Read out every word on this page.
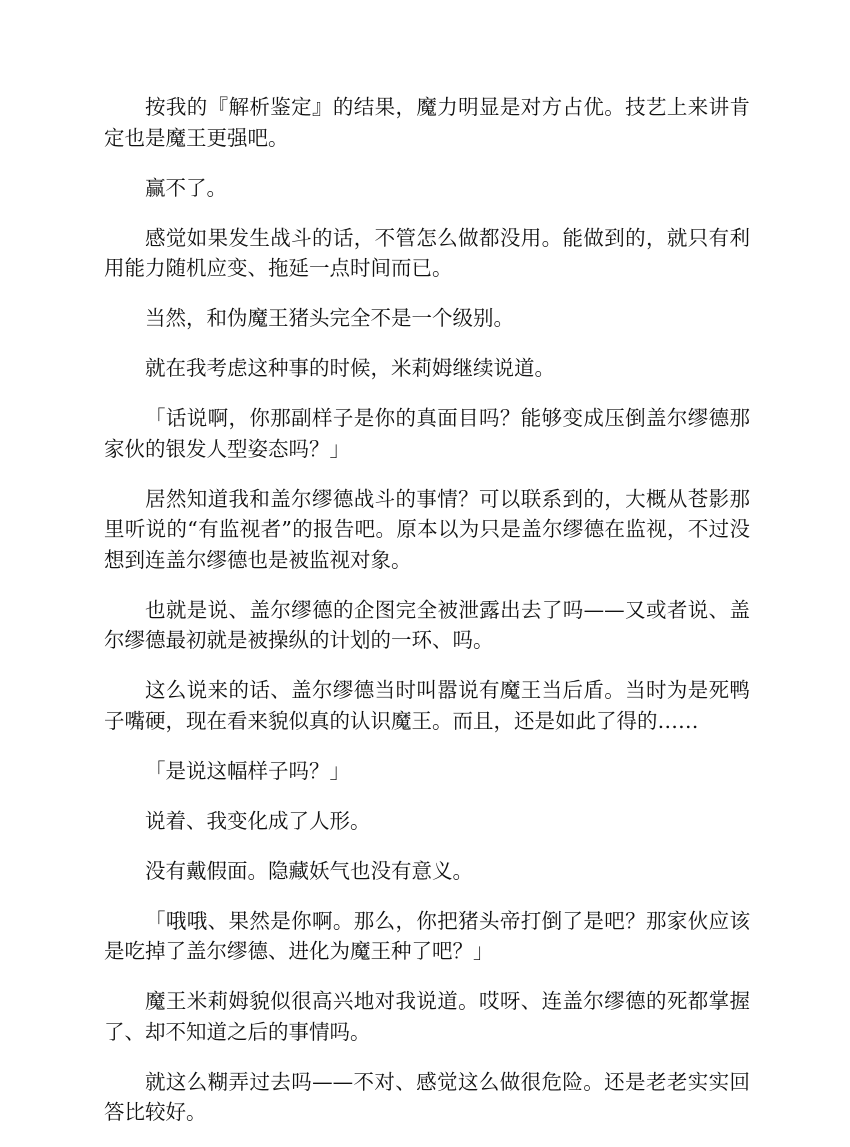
按我的『解析鉴定』的结果，魔力明显是对方占优。技艺上来讲肯定也是魔王更强吧。

赢不了。

感觉如果发生战斗的话，不管怎么做都没用。能做到的，就只有利用能力随机应变、拖延一点时间而已。

当然，和伪魔王猪头完全不是一个级别。

就在我考虑这种事的时候，米莉姆继续说道。

「话说啊，你那副样子是你的真面目吗？能够变成压倒盖尔缪德那家伙的银发人型姿态吗？」

居然知道我和盖尔缪德战斗的事情？可以联系到的，大概从苍影那里听说的“有监视者”的报告吧。原本以为只是盖尔缪德在监视，不过没想到连盖尔缪德也是被监视对象。

也就是说、盖尔缪德的企图完全被泄露出去了吗——又或者说、盖尔缪德最初就是被操纵的计划的一环、吗。

这么说来的话、盖尔缪德当时叫嚣说有魔王当后盾。当时为是死鸭子嘴硬，现在看来貌似真的认识魔王。而且，还是如此了得的……

「是说这幅样子吗？」

说着、我变化成了人形。

没有戴假面。隐藏妖气也没有意义。

「哦哦、果然是你啊。那么，你把猪头帝打倒了是吧？那家伙应该是吃掉了盖尔缪德、进化为魔王种了吧？」

魔王米莉姆貌似很高兴地对我说道。哎呀、连盖尔缪德的死都掌握了、却不知道之后的事情吗。

就这么糊弄过去吗——不对、感觉这么做很危险。还是老老实实回答比较好。
